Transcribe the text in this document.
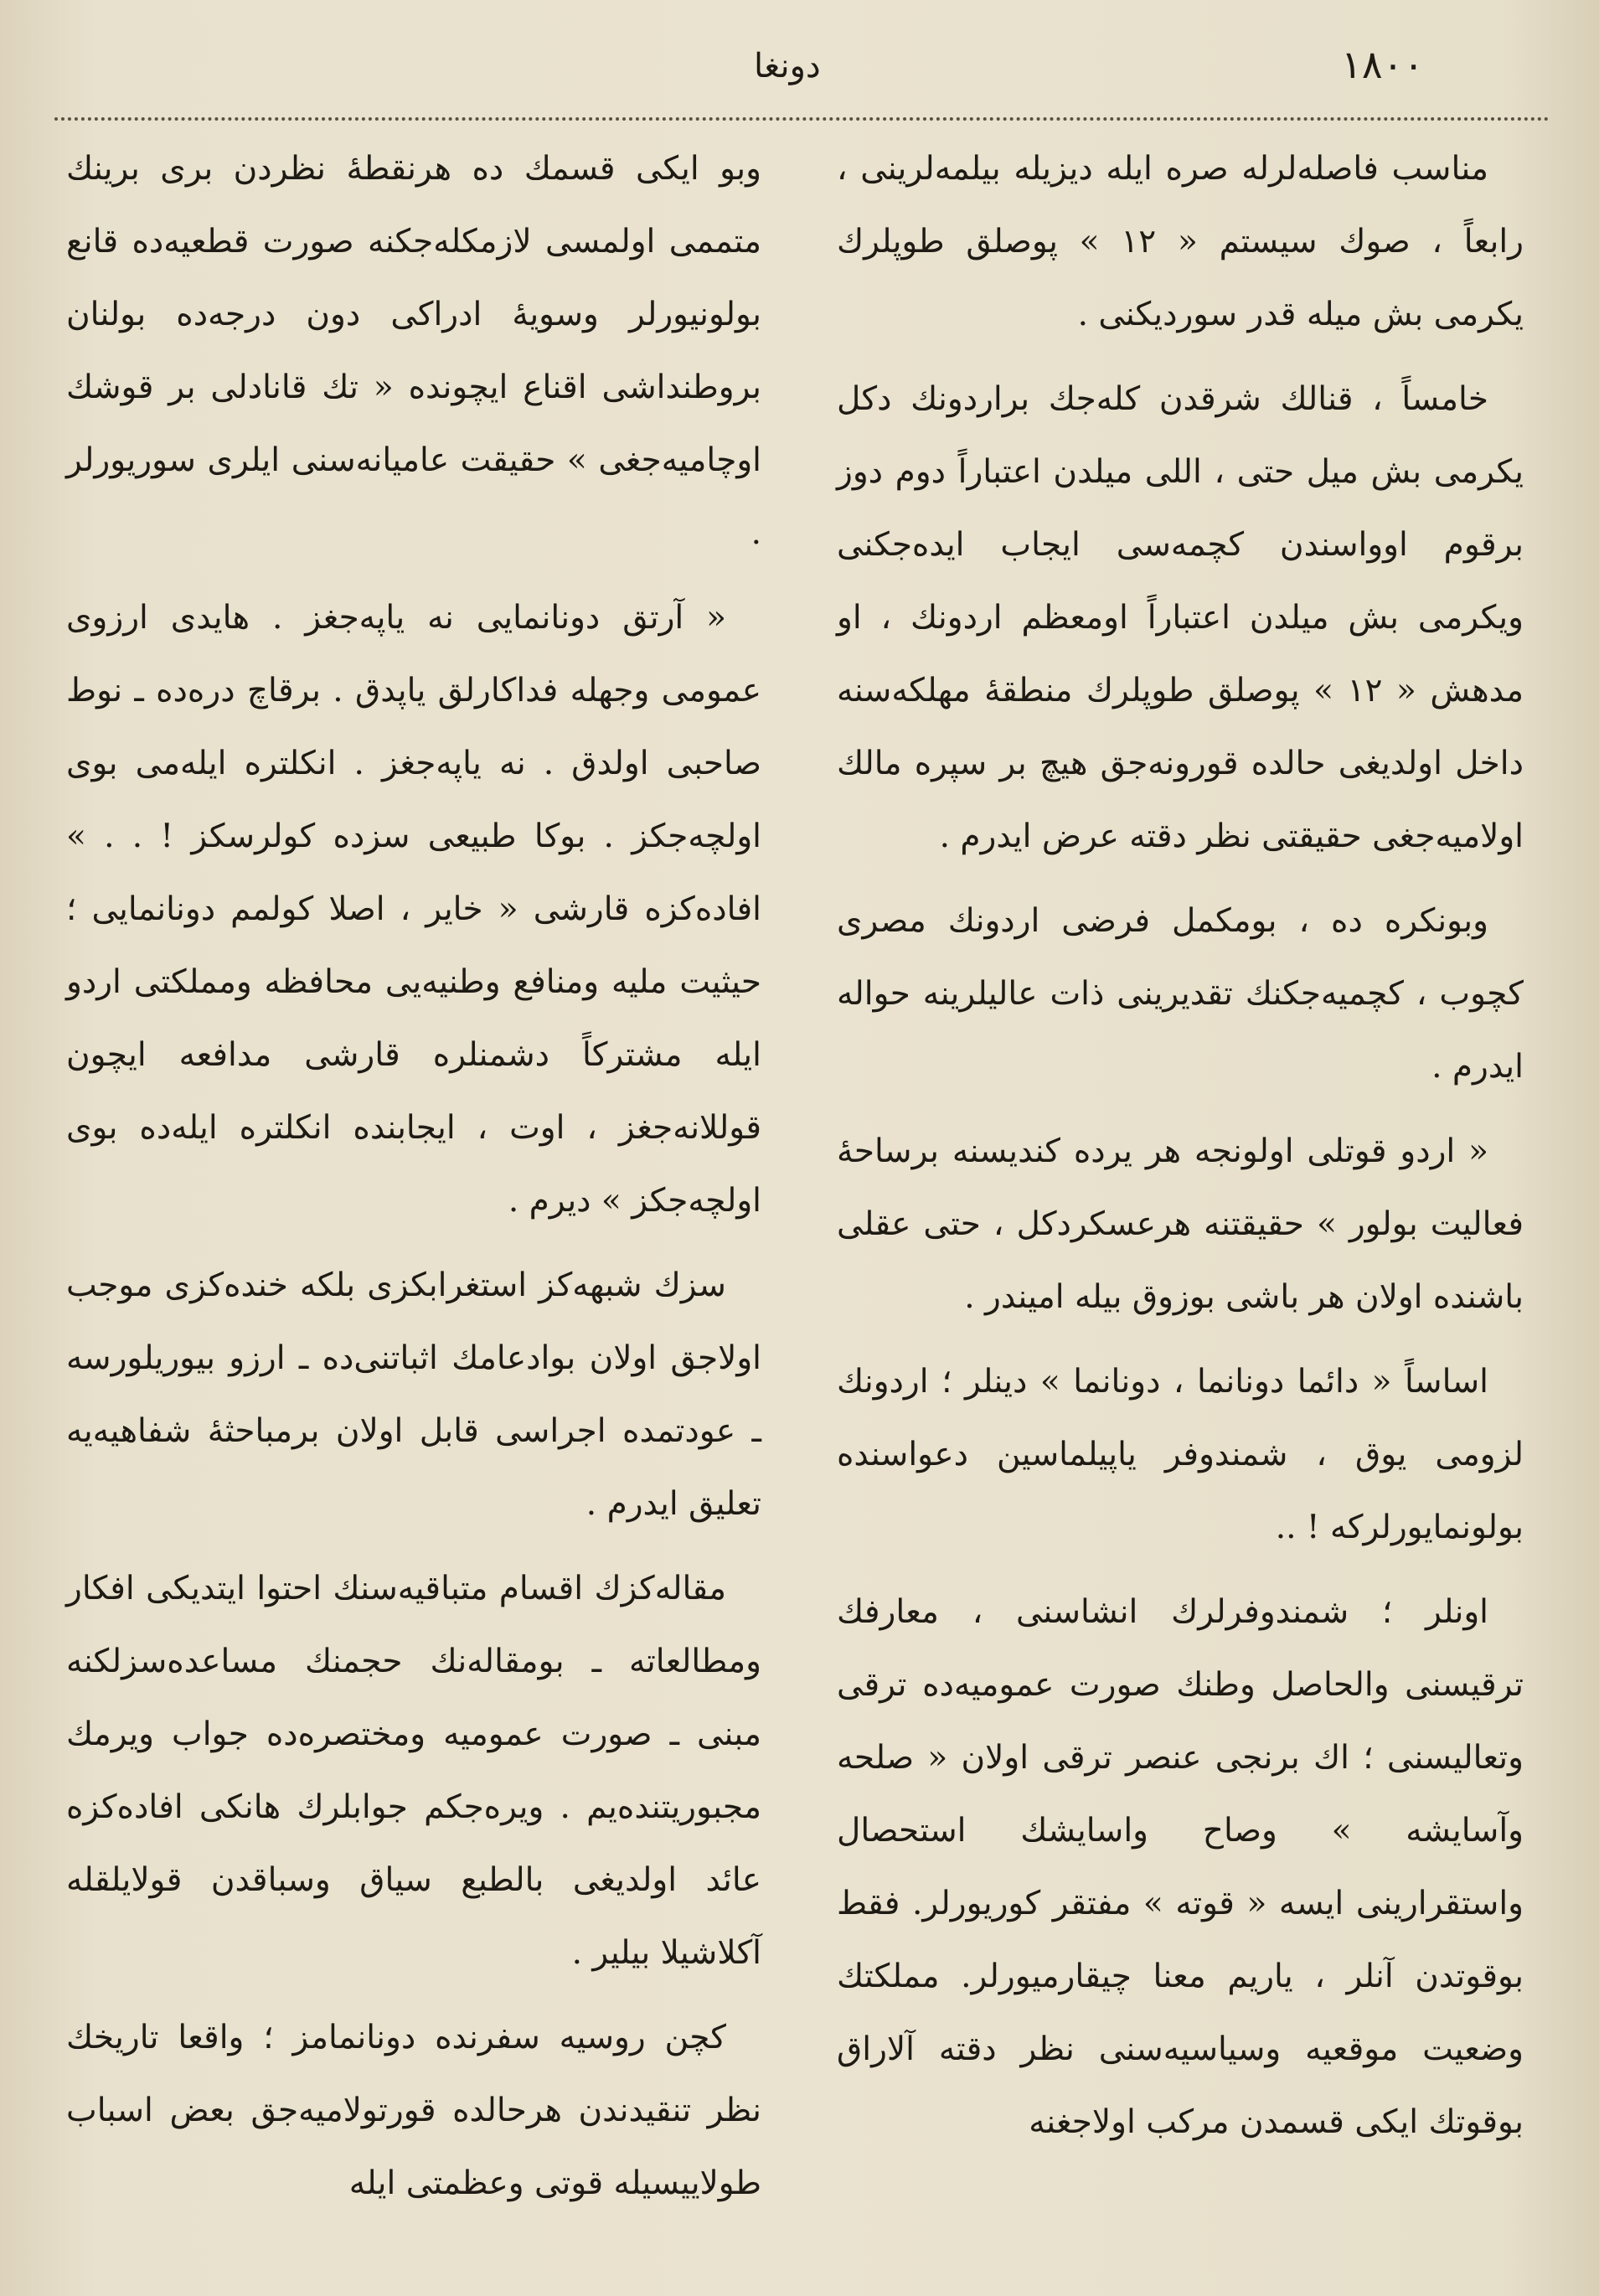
۱۸۰۰
دونغا

مناسب فاصله‌لرله صره ایله دیزیله بیلمه‌لرینی ، رابعاً ، صوك سیستم « ۱۲ » پوصلق طوپلرك یکرمی بش میله قدر سوردیکنی .

خامساً ، قنالك شرقدن کله‌جك براردونك دکل یکرمی بش میل حتی ، اللی میلدن اعتباراً دوم دوز برقوم اوواسندن کچمه‌سی ایجاب ایده‌جکنی ویکرمی بش میلدن اعتباراً اومعظم اردونك ، او مدهش « ۱۲ » پوصلق طوپلرك منطقهٔ مهلکه‌سنه داخل اولدیغی حالده قورونه‌جق هیچ بر سپره مالك اولامیه‌جغی حقیقتی نظر دقته عرض ایدرم .

وبونکره ده ، بومکمل فرضی اردونك مصری کچوب ، کچمیه‌جکنك تقدیرینی ذات عالیلرینه حواله ایدرم .

« اردو قوتلی اولونجه هر یرده کندیسنه برساحهٔ فعالیت بولور » حقیقتنه هرعسکردکل ، حتی عقلی باشنده اولان هر باشی بوزوق بیله امیندر .

اساساً « دائما دونانما ، دونانما » دینلر ؛ اردونك لزومی یوق ، شمندوفر یاپیلماسین دعواسنده بولونمایورلرکه ! ..

اونلر ؛ شمندوفرلرك انشاسنی ، معارفك ترقیسنی والحاصل وطنك صورت عمومیه‌ده ترقی وتعالیسنی ؛ اك برنجی عنصر ترقی اولان « صلحه وآسایشه » وصاح واسایشك استحصال واستقرارینی ایسه « قوته » مفتقر کوریورلر. فقط بوقوتدن آنلر ، یاریم معنا چیقارمیورلر. مملکتك وضعیت موقعیه وسیاسیه‌سنی نظر دقته آلاراق بوقوتك ایکی قسمدن مرکب اولاجغنه

وبو ایکی قسمك ده هرنقطهٔ نظردن بری برینك متممی اولمسی لازمکله‌جکنه صورت قطعیه‌ده قانع بولونیورلر وسویهٔ ادراکی دون درجه‌ده بولنان بروطنداشی اقناع ایچونده « تك قانادلی بر قوشك اوچامیه‌جغی » حقیقت عامیانه‌سنی ایلری سوریورلر .

« آرتق دونانمایی نه یاپه‌جغز . هایدی ارزوی عمومی وجهله فداکارلق یاپدق . برقاچ دره‌ده ـ نوط صاحبی اولدق . نه یاپه‌جغز . انکلتره ایله‌می بوی اولچه‌جکز . بوکا طبیعی سزده کولرسکز ! . . » افاده‌کزه قارشی « خایر ، اصلا کولمم دونانمایی ؛ حیثیت ملیه ومنافع وطنیه‌یی محافظه ومملکتی اردو ایله مشترکاً دشمنلره قارشی مدافعه ایچون قوللانه‌جغز ، اوت ، ایجابنده انکلتره ایله‌ده بوی اولچه‌جکز » دیرم .

سزك شبهه‌کز استغرابکزی بلکه خنده‌کزی موجب اولاجق اولان بوادعامك اثباتنی‌ده ـ ارزو بیوریلورسه ـ عودتمده اجراسی قابل اولان برمباحثهٔ شفاهیه‌یه تعلیق ایدرم .

مقاله‌کزك اقسام متباقیه‌سنك احتوا ایتدیکی افکار ومطالعاته ـ بومقاله‌نك حجمنك مساعده‌سزلکنه مبنی ـ صورت عمومیه ومختصره‌ده جواب ویرمك مجبوریتنده‌یم . ویره‌جکم جوابلرك هانکی افاده‌کزه عائد اولدیغی بالطبع سیاق وسباقدن قولایلقله آکلاشیلا بیلیر .

کچن روسیه سفرنده دونانمامز ؛ واقعا تاریخك نظر تنقیدندن هرحالده قورتولامیه‌جق بعض اسباب طولاییسیله قوتی وعظمتی ایله
